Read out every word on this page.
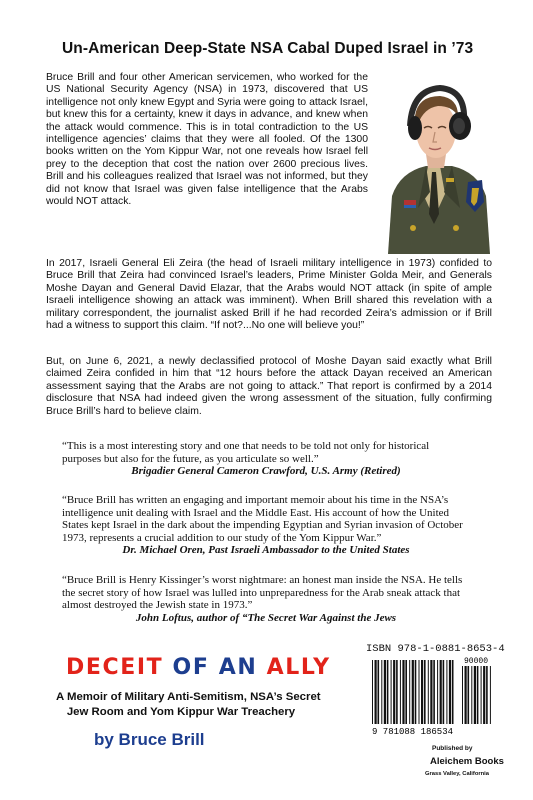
Un-American Deep-State NSA Cabal Duped Israel in ’73

Bruce Brill and four other American servicemen, who worked for the US National Security Agency (NSA) in 1973, discovered that US intelligence not only knew Egypt and Syria were going to attack Israel, but knew this for a certainty, knew it days in advance, and knew when the attack would commence. This is in total contradiction to the US intelligence agencies’ claims that they were all fooled. Of the 1300 books written on the Yom Kippur War, not one reveals how Israel fell prey to the deception that cost the nation over 2600 precious lives. Brill and his colleagues realized that Israel was not informed, but they did not know that Israel was given false intelligence that the Arabs would NOT attack.

In 2017, Israeli General Eli Zeira (the head of Israeli military intelligence in 1973) confided to Bruce Brill that Zeira had convinced Israel’s leaders, Prime Minister Golda Meir, and Generals Moshe Dayan and General David Elazar, that the Arabs would NOT attack (in spite of ample Israeli intelligence showing an attack was imminent). When Brill shared this revelation with a military correspondent, the journalist asked Brill if he had recorded Zeira’s admission or if Brill had a witness to support this claim. “If not?...No one will believe you!”

But, on June 6, 2021, a newly declassified protocol of Moshe Dayan said exactly what Brill claimed Zeira confided in him that “12 hours before the attack Dayan received an American assessment saying that the Arabs are not going to attack.” That report is confirmed by a 2014 disclosure that NSA had indeed given the wrong assessment of the situation, fully confirming Bruce Brill’s hard to believe claim.

“This is a most interesting story and one that needs to be told not only for historical purposes but also for the future, as you articulate so well.”

Brigadier General Cameron Crawford, U.S. Army (Retired)

“Bruce Brill has written an engaging and important memoir about his time in the NSA’s intelligence unit dealing with Israel and the Middle East. His account of how the United States kept Israel in the dark about the impending Egyptian and Syrian invasion of October 1973, represents a crucial addition to our study of the Yom Kippur War.”

Dr. Michael Oren, Past Israeli Ambassador to the United States

“Bruce Brill is Henry Kissinger’s worst nightmare: an honest man inside the NSA. He tells the secret story of how Israel was lulled into unpreparedness for the Arab sneak attack that almost destroyed the Jewish state in 1973.”

John Loftus, author of “The Secret War Against the Jews

DECEIT OF AN ALLY
A Memoir of Military Anti-Semitism, NSA’s Secret
Jew Room and Yom Kippur War Treachery
by Bruce Brill
ISBN 978-1-0881-8653-4
9 781088 186534
90000
Published by
Aleichem Books
Grass Valley, California
